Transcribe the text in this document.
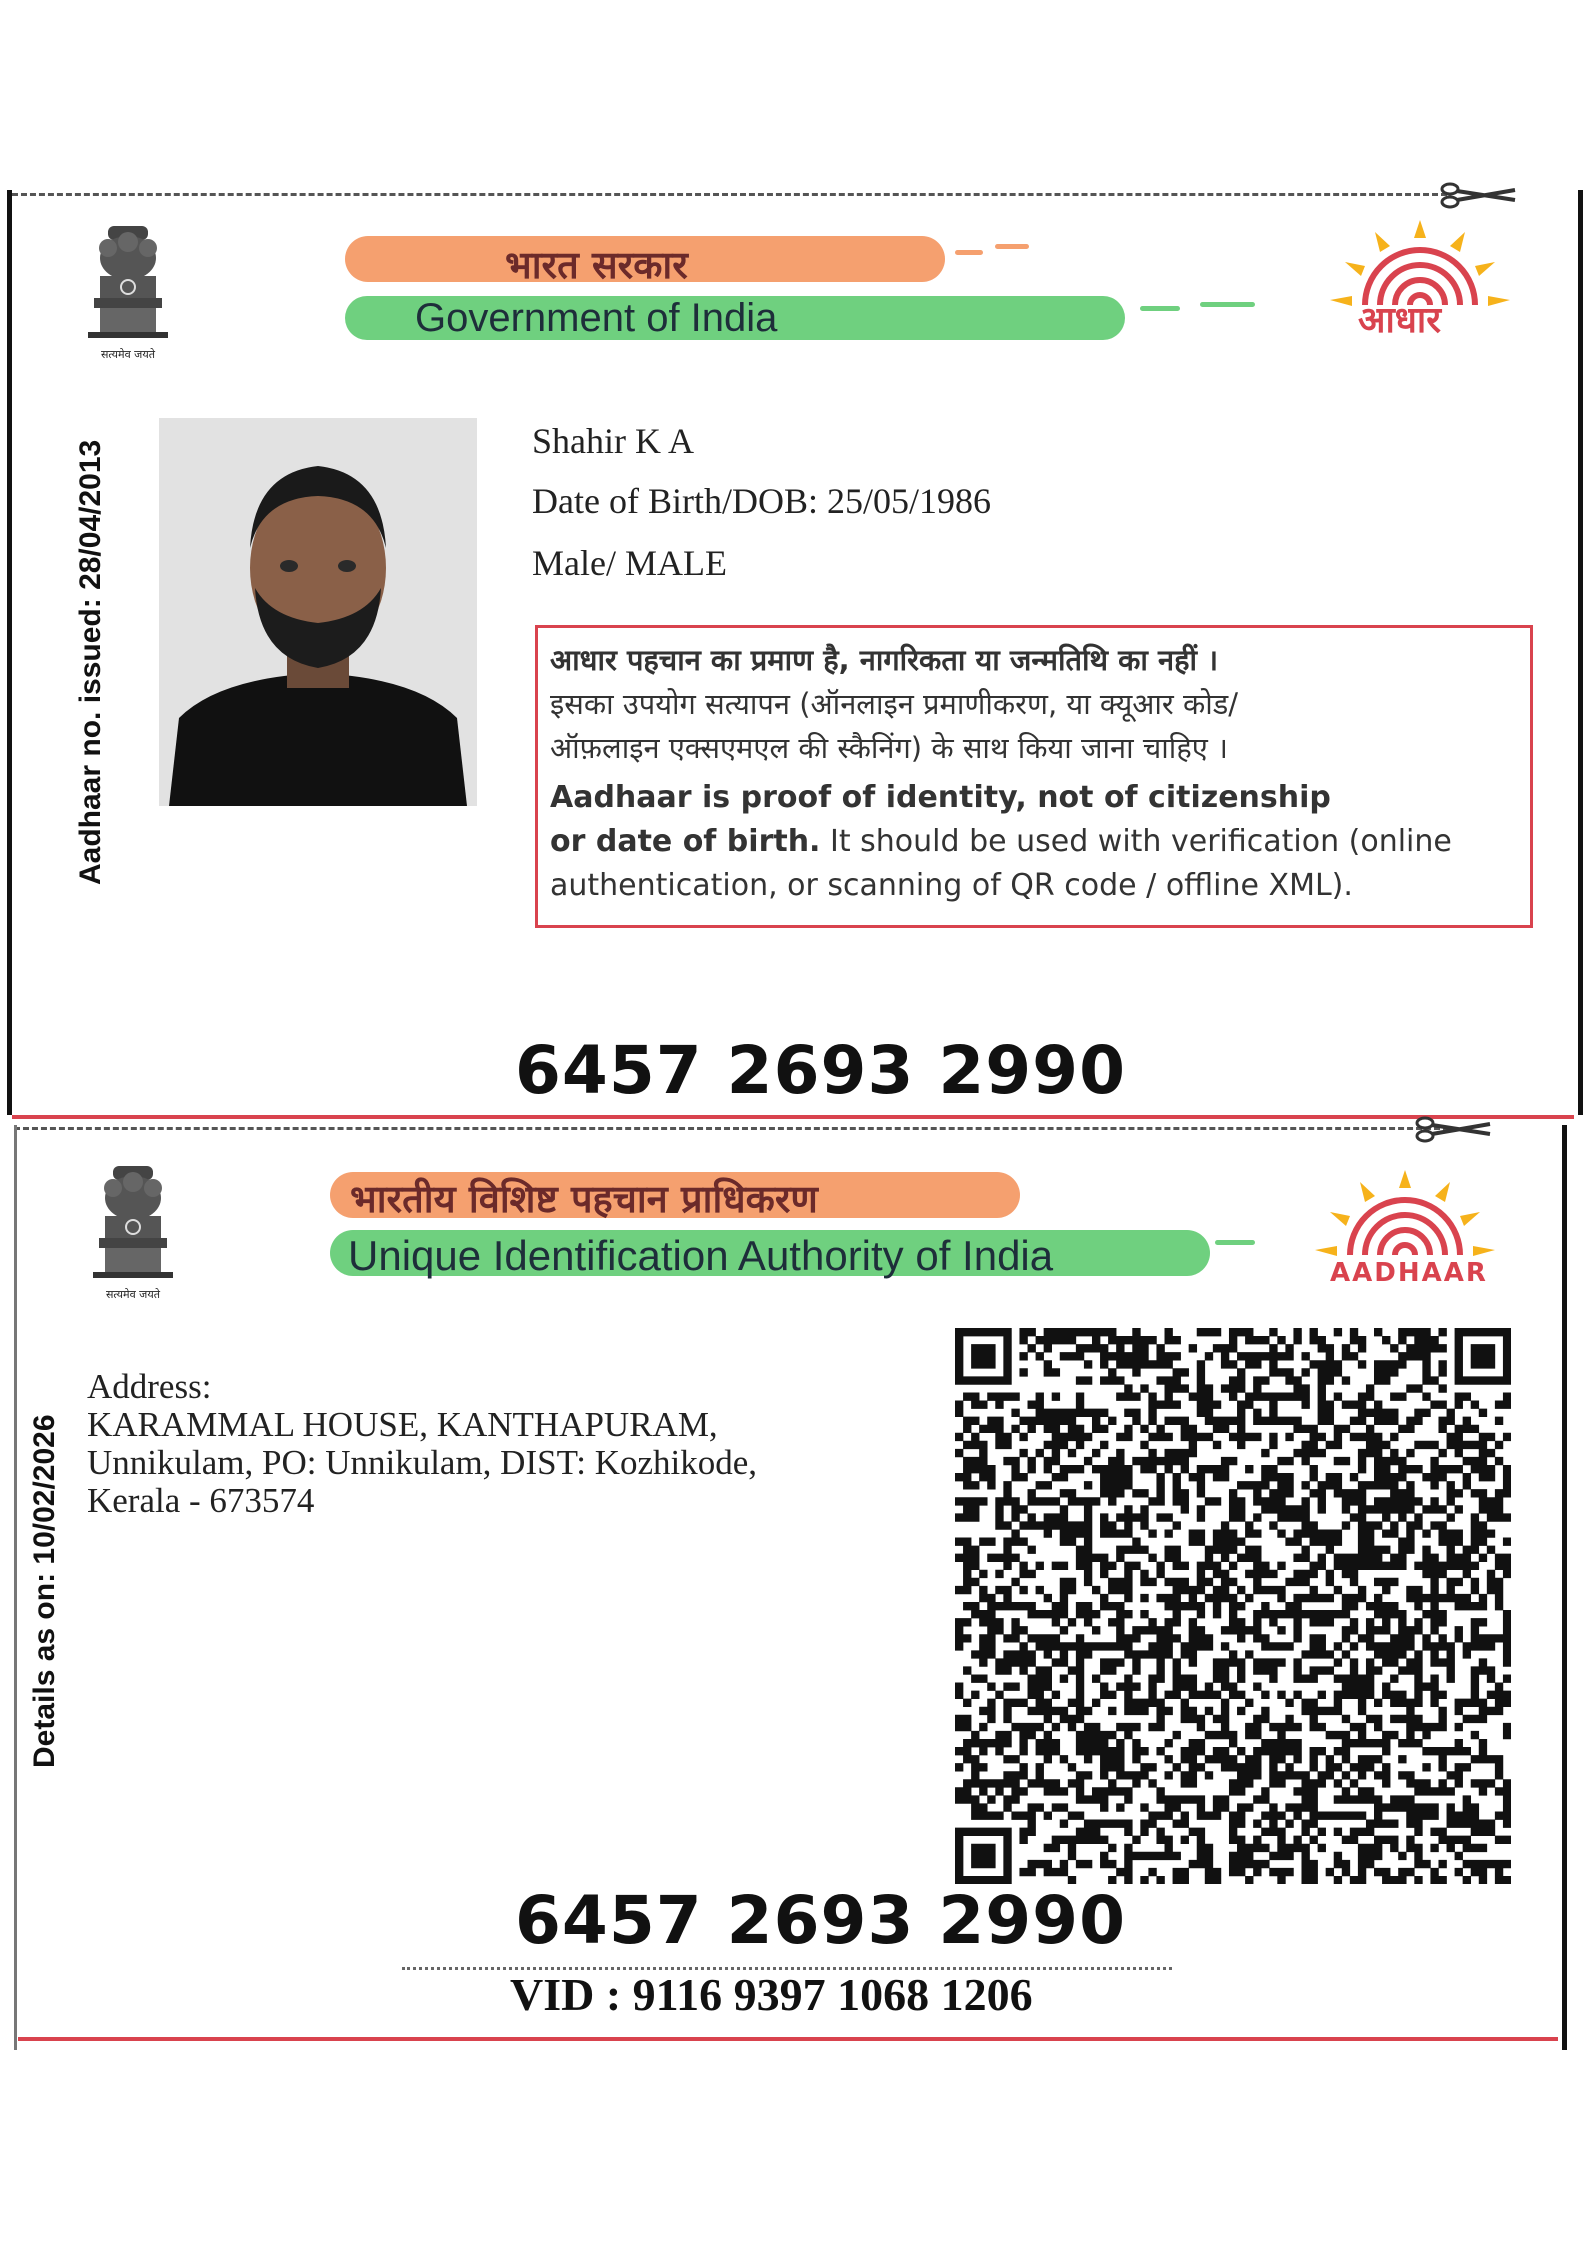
सत्यमेव जयते
भारत सरकार
Government of India	आधार
Aadhaar no. issued: 28/04/2013	Shahir K A
Date of Birth/DOB: 25/05/1986
Male/ MALE

आधार पहचान का प्रमाण है, नागरिकता या जन्मतिथि का नहीं ।

इसका उपयोग सत्यापन (ऑनलाइन प्रमाणीकरण, या क्यूआर कोड/

ऑफ़लाइन एक्सएमएल की स्कैनिंग) के साथ किया जाना चाहिए ।

Aadhaar is proof of identity, not of citizenship

or date of birth. It should be used with verification (online

authentication, or scanning of QR code / offline XML).

6457 2693 2990
सत्यमेव जयते
भारतीय विशिष्ट पहचान प्राधिकरण
Unique Identification Authority of India	AADHAAR
Details as on: 10/02/2026
Address:
KARAMMAL HOUSE, KANTHAPURAM,
Unnikulam, PO: Unnikulam, DIST: Kozhikode,
Kerala - 673574
6457 2693 2990
VID : 9116 9397 1068 1206
